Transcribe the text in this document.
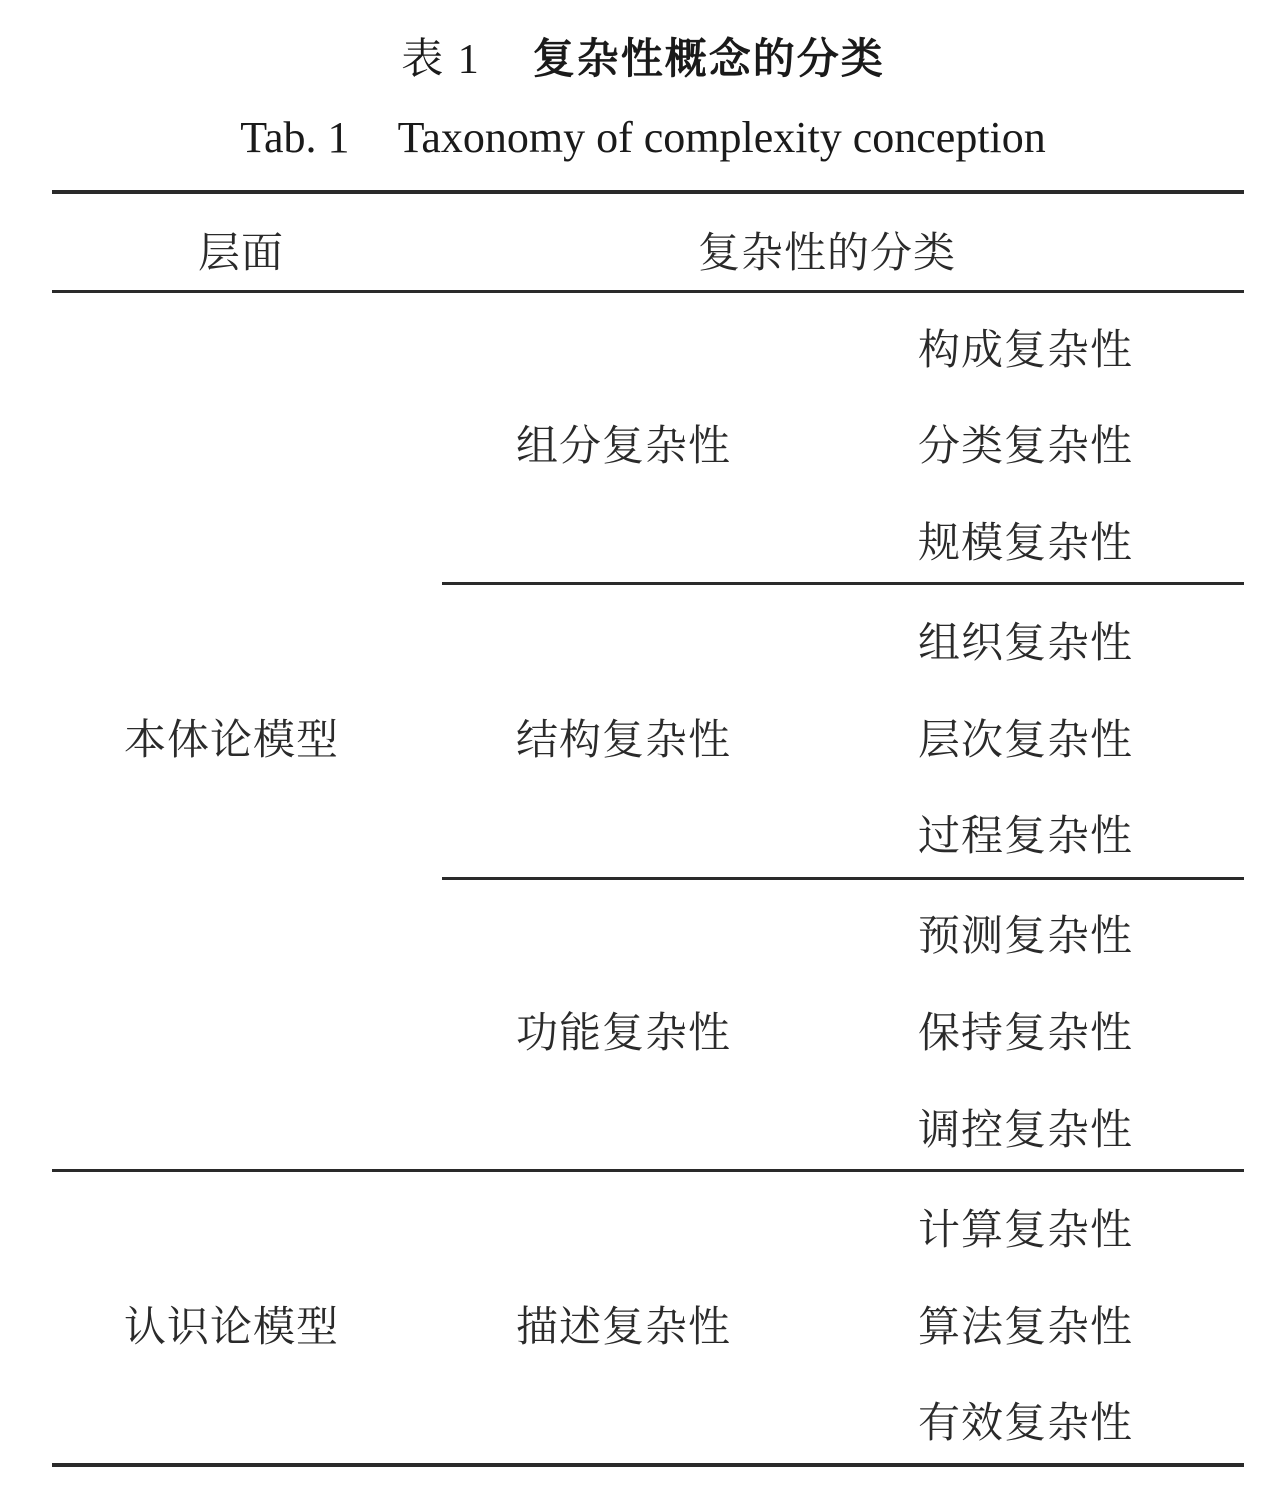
表 1 复杂性概念的分类
Tab. 1 Taxonomy of complexity conception
层面	复杂性的分类
本体论模型
认识论模型
组分复杂性
结构复杂性
功能复杂性
描述复杂性
构成复杂性
分类复杂性
规模复杂性
组织复杂性
层次复杂性
过程复杂性
预测复杂性
保持复杂性
调控复杂性
计算复杂性
算法复杂性
有效复杂性
